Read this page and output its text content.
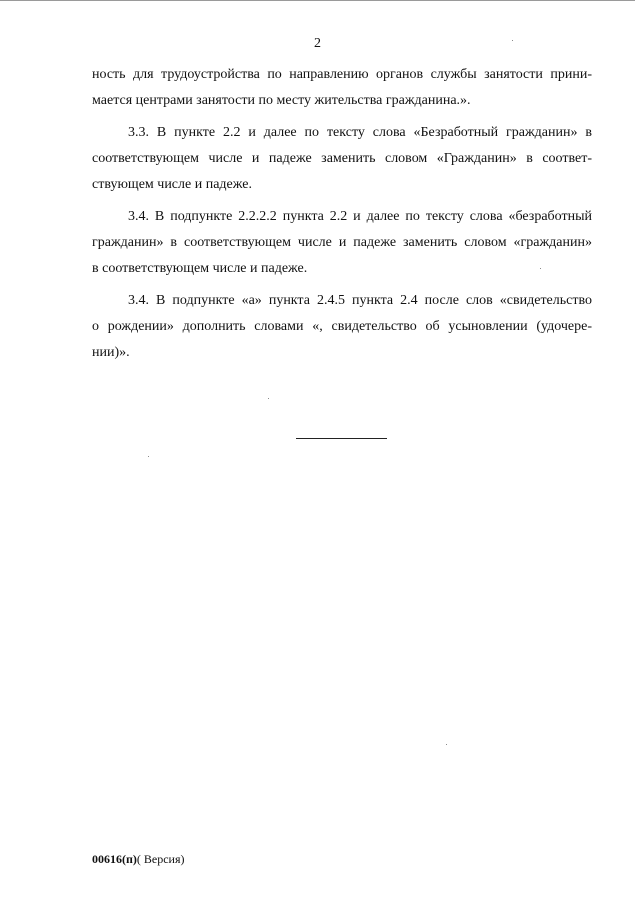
2
ность для трудоустройства по направлению органов службы занятости прини-
мается центрами занятости по месту жительства гражданина.».
3.3. В пункте 2.2 и далее по тексту слова «Безработный гражданин» в
соответствующем числе и падеже заменить словом «Гражданин» в соответ-
ствующем числе и падеже.
3.4. В подпункте 2.2.2.2 пункта 2.2 и далее по тексту слова «безработный
гражданин» в соответствующем числе и падеже заменить словом «гражданин»
в соответствующем числе и падеже.
3.4. В подпункте «а» пункта 2.4.5 пункта 2.4 после слов «свидетельство
о рождении» дополнить словами «, свидетельство об усыновлении (удочере-
нии)».
00616(п)( Версия)
